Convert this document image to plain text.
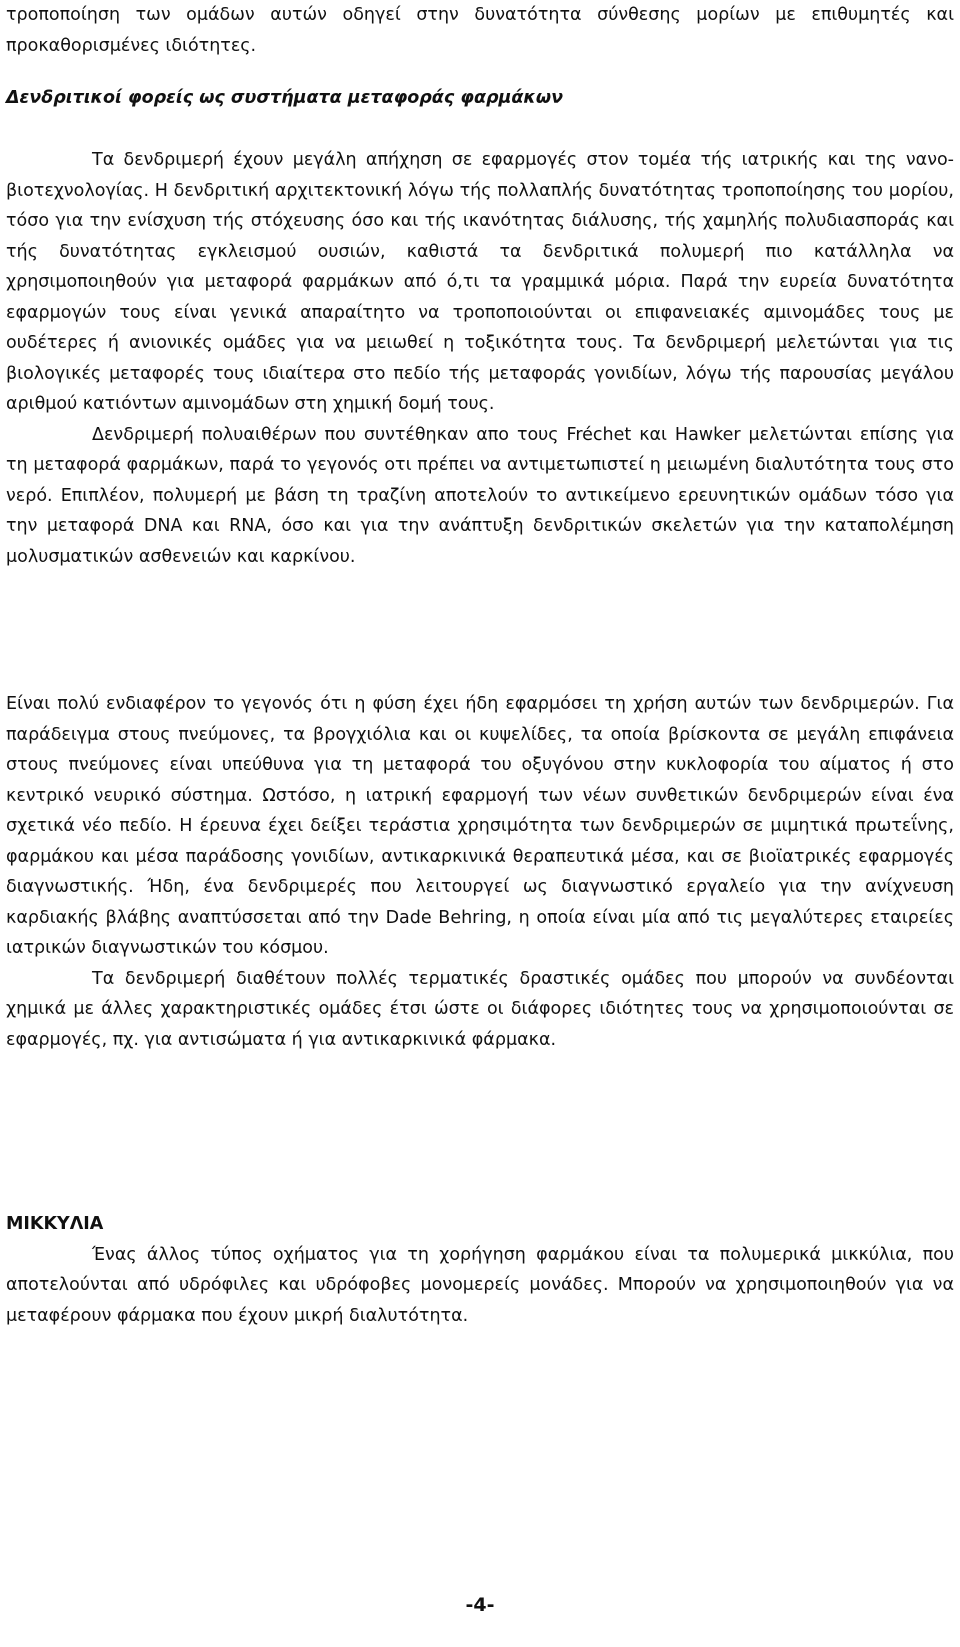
τροποποίηση των ομάδων αυτών οδηγεί στην δυνατότητα σύνθεσης μορίων με επιθυμητές και προκαθορισμένες ιδιότητες.

Δενδριτικοί φορείς ως συστήματα μεταφοράς φαρμάκων

Τα δενδριμερή έχουν μεγάλη απήχηση σε εφαρμογές στον τομέα τής ιατρικής και της νανο-βιοτεχνολογίας. Η δενδριτική αρχιτεκτονική λόγω τής πολλαπλής δυνατότητας τροποποίησης του μορίου, τόσο για την ενίσχυση τής στόχευσης όσο και τής ικανότητας διάλυσης, τής χαμηλής πολυδιασποράς και τής δυνατότητας εγκλεισμού ουσιών, καθιστά τα δενδριτικά πολυμερή πιο κατάλληλα να χρησιμοποιηθούν για μεταφορά φαρμάκων από ό,τι τα γραμμικά μόρια. Παρά την ευρεία δυνατότητα εφαρμογών τους είναι γενικά απαραίτητο να τροποποιούνται οι επιφανειακές αμινομάδες τους με ουδέτερες ή ανιονικές ομάδες για να μειωθεί η τοξικότητα τους. Τα δενδριμερή μελετώνται για τις βιολογικές μεταφορές τους ιδιαίτερα στο πεδίο τής μεταφοράς γονιδίων, λόγω τής παρουσίας μεγάλου αριθμού κατιόντων αμινομάδων στη χημική δομή τους.

Δενδριμερή πολυαιθέρων που συντέθηκαν απο τους Fréchet και Hawker μελετώνται επίσης για τη μεταφορά φαρμάκων, παρά το γεγονός οτι πρέπει να αντιμετωπιστεί η μειωμένη διαλυτότητα τους στο νερό. Επιπλέον, πολυμερή με βάση τη τραζίνη αποτελούν το αντικείμενο ερευνητικών ομάδων τόσο για την μεταφορά DNA και RNA, όσο και για την ανάπτυξη δενδριτικών σκελετών για την καταπολέμηση μολυσματικών ασθενειών και καρκίνου.

Είναι πολύ ενδιαφέρον το γεγονός ότι η φύση έχει ήδη εφαρμόσει τη χρήση αυτών των δενδριμερών. Για παράδειγμα στους πνεύμονες, τα βρογχιόλια και οι κυψελίδες, τα οποία βρίσκοντα σε μεγάλη επιφάνεια στους πνεύμονες είναι υπεύθυνα για τη μεταφορά του οξυγόνου στην κυκλοφορία του αίματος ή στο κεντρικό νευρικό σύστημα. Ωστόσο, η ιατρική εφαρμογή των νέων συνθετικών δενδριμερών είναι ένα σχετικά νέο πεδίο. Η έρευνα έχει δείξει τεράστια χρησιμότητα των δενδριμερών σε μιμητικά πρωτεΐνης, φαρμάκου και μέσα παράδοσης γονιδίων, αντικαρκινικά θεραπευτικά μέσα, και σε βιοϊατρικές εφαρμογές διαγνωστικής. Ήδη, ένα δενδριμερές που λειτουργεί ως διαγνωστικό εργαλείο για την ανίχνευση καρδιακής βλάβης αναπτύσσεται από την Dade Behring, η οποία είναι μία από τις μεγαλύτερες εταιρείες ιατρικών διαγνωστικών του κόσμου.

Τα δενδριμερή διαθέτουν πολλές τερματικές δραστικές ομάδες που μπορούν να συνδέονται χημικά με άλλες χαρακτηριστικές ομάδες έτσι ώστε οι διάφορες ιδιότητες τους να χρησιμοποιούνται σε εφαρμογές, πχ. για αντισώματα ή για αντικαρκινικά φάρμακα.

ΜΙΚΚΥΛΙΑ

Ένας άλλος τύπος οχήματος για τη χορήγηση φαρμάκου είναι τα πολυμερικά μικκύλια, που αποτελούνται από υδρόφιλες και υδρόφοβες μονομερείς μονάδες. Μπορούν να χρησιμοποιηθούν για να μεταφέρουν φάρμακα που έχουν μικρή διαλυτότητα.

-4-
